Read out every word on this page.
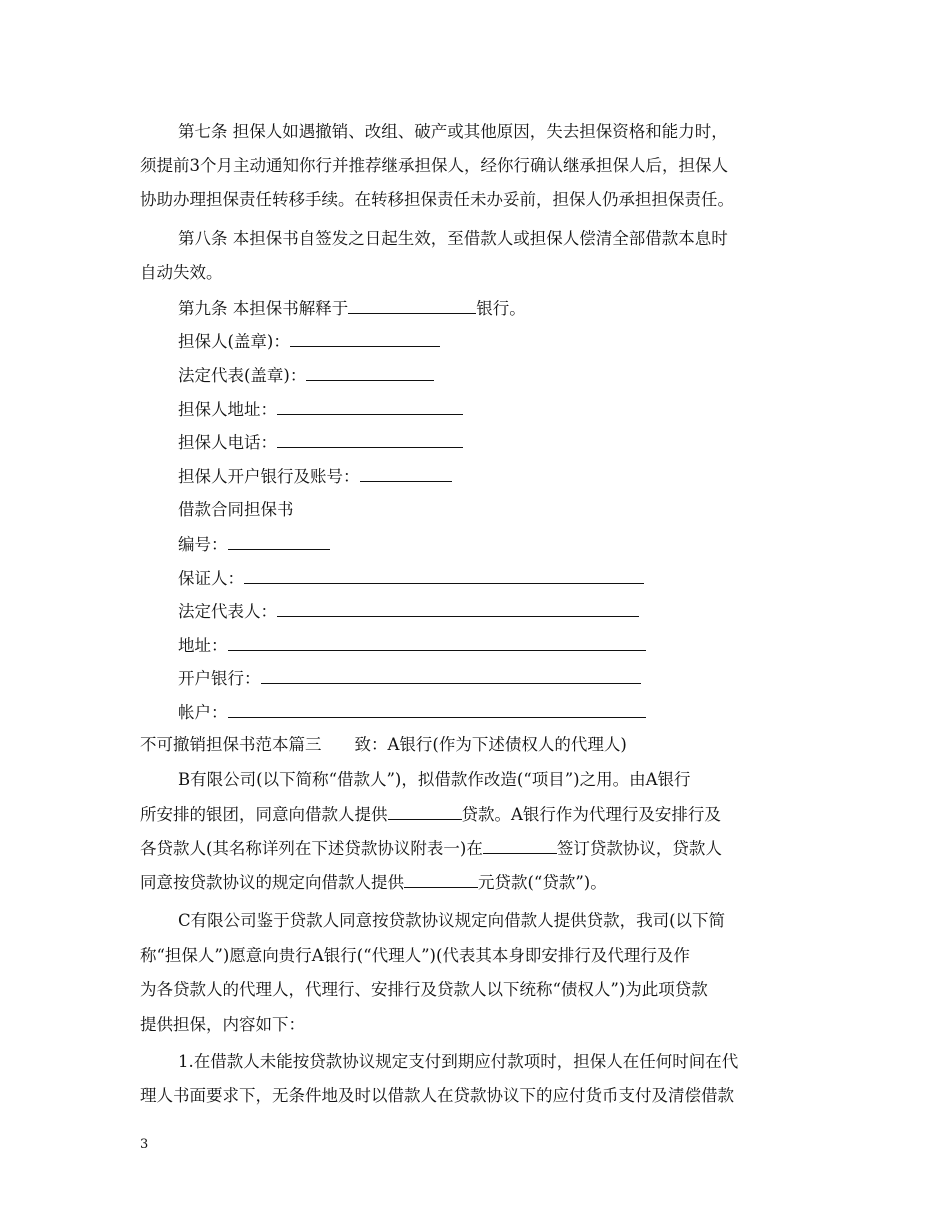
第七条 担保人如遇撤销、改组、破产或其他原因，失去担保资格和能力时，
须提前3个月主动通知你行并推荐继承担保人，经你行确认继承担保人后，担保人
协助办理担保责任转移手续。在转移担保责任未办妥前，担保人仍承担担保责任。
第八条 本担保书自签发之日起生效，至借款人或担保人偿清全部借款本息时
自动失效。
第九条 本担保书解释于	银行。
担保人(盖章)：
法定代表(盖章)：
担保人地址：
担保人电话：
担保人开户银行及账号：
借款合同担保书
编号：
保证人：
法定代表人：
地址：
开户银行：
帐户：
不可撤销担保书范本篇三　　致：A银行(作为下述债权人的代理人)
B有限公司(以下简称“借款人”)，拟借款作改造(“项目”)之用。由A银行
所安排的银团，同意向借款人提供	贷款。A银行作为代理行及安排行及
各贷款人(其名称详列在下述贷款协议附表一)在	签订贷款协议，贷款人
同意按贷款协议的规定向借款人提供	元贷款(“贷款”)。
C有限公司鉴于贷款人同意按贷款协议规定向借款人提供贷款，我司(以下简
称“担保人”)愿意向贵行A银行(“代理人”)(代表其本身即安排行及代理行及作
为各贷款人的代理人，代理行、安排行及贷款人以下统称“债权人”)为此项贷款
提供担保，内容如下：
1.在借款人未能按贷款协议规定支付到期应付款项时，担保人在任何时间在代
理人书面要求下，无条件地及时以借款人在贷款协议下的应付货币支付及清偿借款
3
